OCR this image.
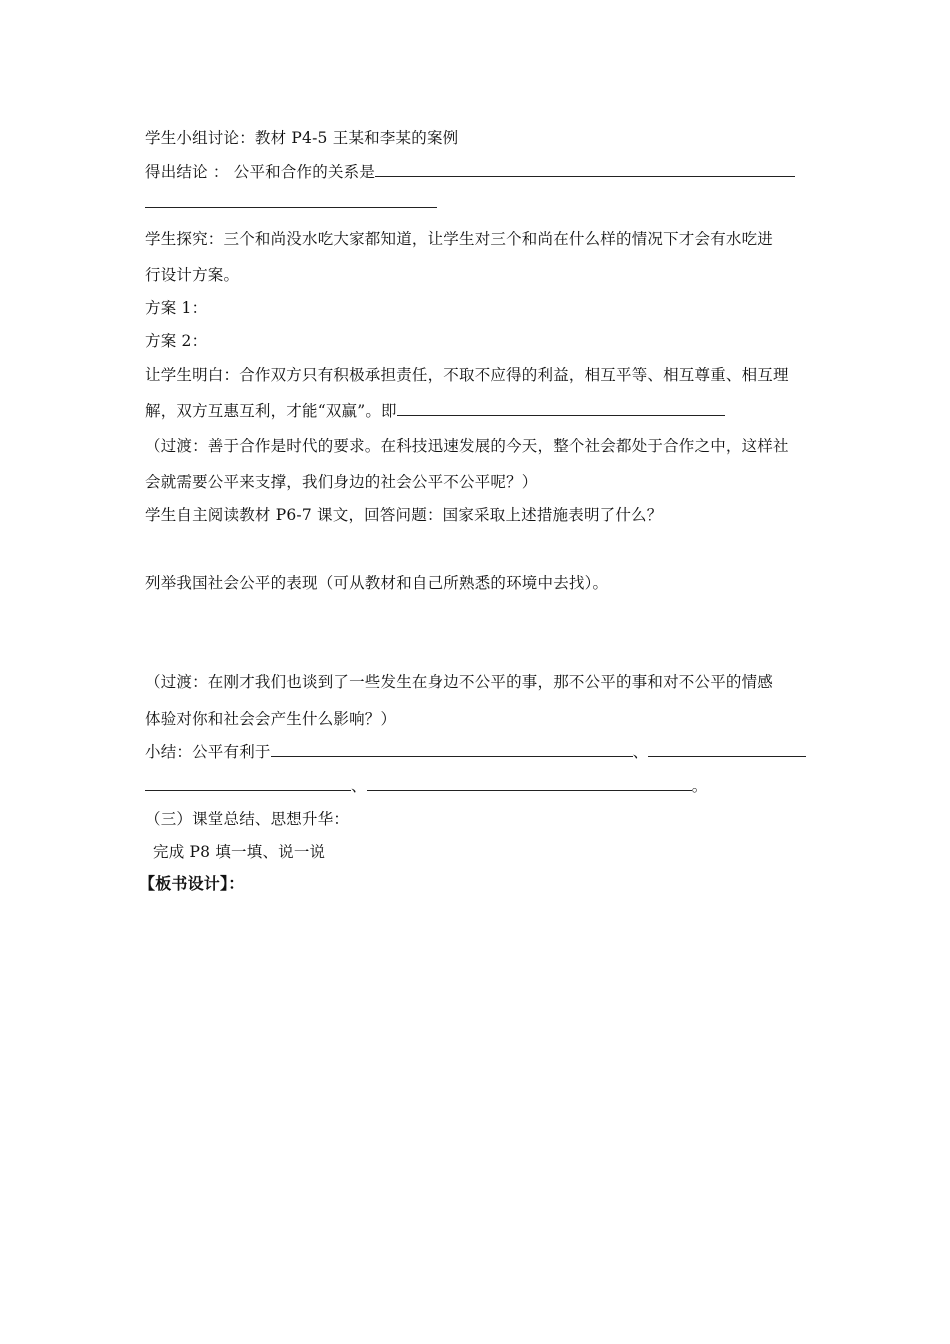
学生小组讨论：教材 P4-5 王某和李某的案例
得出结论 ： 公平和合作的关系是
学生探究：三个和尚没水吃大家都知道，让学生对三个和尚在什么样的情况下才会有水吃进
行设计方案。
方案 1：
方案 2：
让学生明白：合作双方只有积极承担责任，不取不应得的利益，相互平等、相互尊重、相互理
解，双方互惠互利，才能“双赢”。即
（过渡：善于合作是时代的要求。在科技迅速发展的今天，整个社会都处于合作之中，这样社
会就需要公平来支撑，我们身边的社会公平不公平呢？）
学生自主阅读教材 P6-7 课文，回答问题：国家采取上述措施表明了什么？
列举我国社会公平的表现（可从教材和自己所熟悉的环境中去找）。
（过渡：在刚才我们也谈到了一些发生在身边不公平的事，那不公平的事和对不公平的情感
体验对你和社会会产生什么影响？）
小结：公平有利于	、
、	。
（三）课堂总结、思想升华：
完成 P8 填一填、说一说
【板书设计】：
